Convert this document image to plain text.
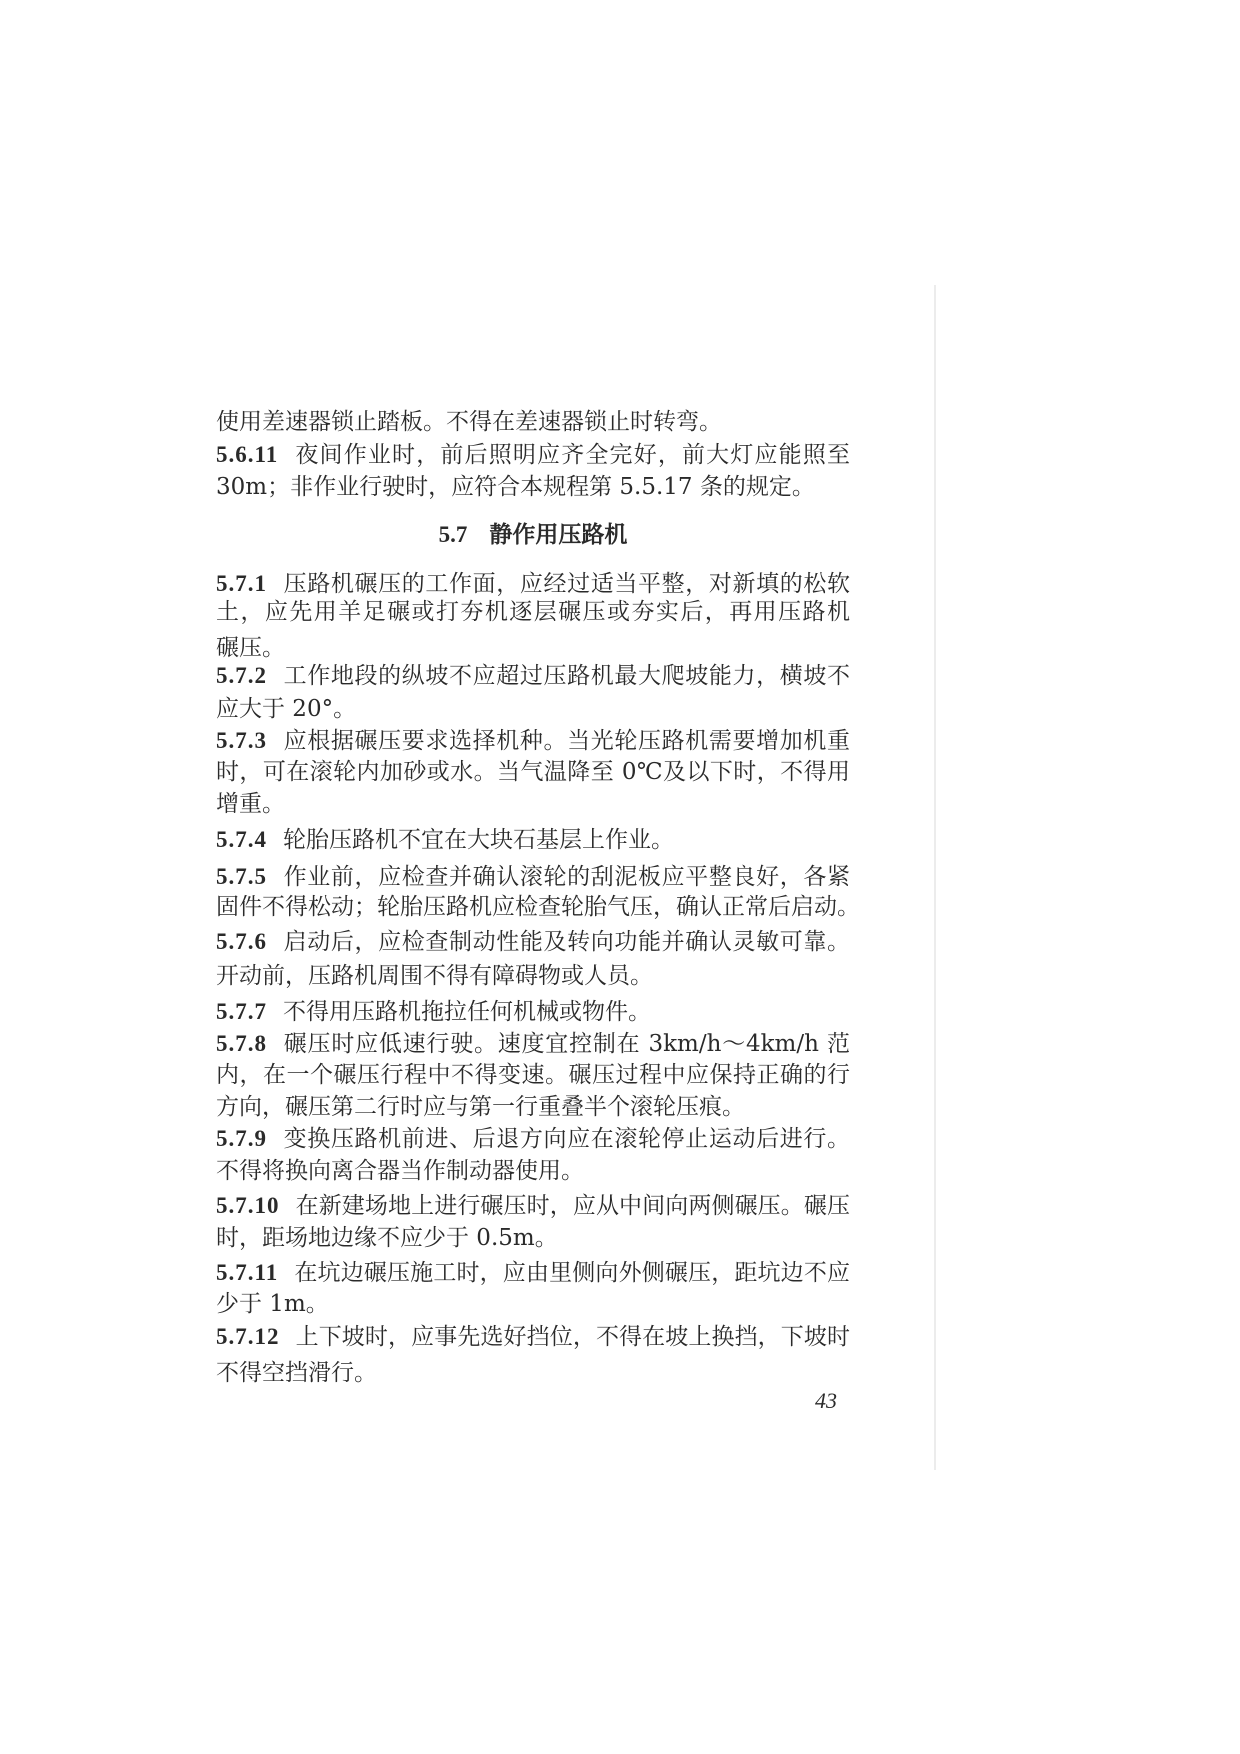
使用差速器锁止踏板。不得在差速器锁止时转弯。
5.6.11 夜间作业时，前后照明应齐全完好，前大灯应能照至
30m；非作业行驶时，应符合本规程第 5.5.17 条的规定。
5.7 静作用压路机
5.7.1 压路机碾压的工作面，应经过适当平整，对新填的松软
土，应先用羊足碾或打夯机逐层碾压或夯实后，再用压路机
碾压。
5.7.2 工作地段的纵坡不应超过压路机最大爬坡能力，横坡不
应大于 20°。
5.7.3 应根据碾压要求选择机种。当光轮压路机需要增加机重
时，可在滚轮内加砂或水。当气温降至 0℃及以下时，不得用
增重。
5.7.4 轮胎压路机不宜在大块石基层上作业。
5.7.5 作业前，应检查并确认滚轮的刮泥板应平整良好，各紧
固件不得松动；轮胎压路机应检查轮胎气压，确认正常后启动。
5.7.6 启动后，应检查制动性能及转向功能并确认灵敏可靠。
开动前，压路机周围不得有障碍物或人员。
5.7.7 不得用压路机拖拉任何机械或物件。
5.7.8 碾压时应低速行驶。速度宜控制在 3km/h～4km/h 范
内，在一个碾压行程中不得变速。碾压过程中应保持正确的行
方向，碾压第二行时应与第一行重叠半个滚轮压痕。
5.7.9 变换压路机前进、后退方向应在滚轮停止运动后进行。
不得将换向离合器当作制动器使用。
5.7.10 在新建场地上进行碾压时，应从中间向两侧碾压。碾压
时，距场地边缘不应少于 0.5m。
5.7.11 在坑边碾压施工时，应由里侧向外侧碾压，距坑边不应
少于 1m。
5.7.12 上下坡时，应事先选好挡位，不得在坡上换挡，下坡时
不得空挡滑行。
43
